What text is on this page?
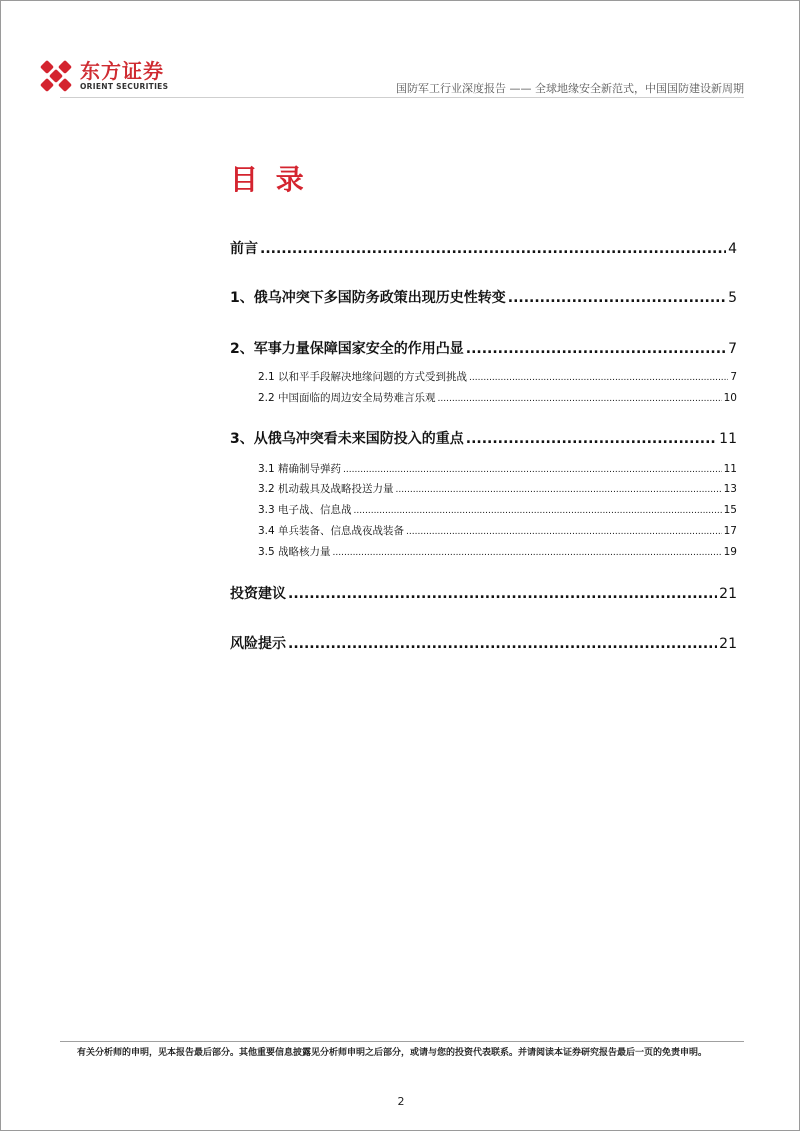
东方证券
ORIENT SECURITIES	国防军工行业深度报告 —— 全球地缘安全新范式，中国国防建设新周期
目 录
前言 .....	4
1、俄乌冲突下多国防务政策出现历史性转变 .....	5
2、军事力量保障国家安全的作用凸显 .....	7
2.1 以和平手段解决地缘问题的方式受到挑战 .....	7
2.2 中国面临的周边安全局势难言乐观 .....	10
3、从俄乌冲突看未来国防投入的重点 .....	11
3.1 精确制导弹药 .....	11
3.2 机动载具及战略投送力量 .....	13
3.3 电子战、信息战 .....	15
3.4 单兵装备、信息战夜战装备 .....	17
3.5 战略核力量 .....	19
投资建议 .....	21
风险提示 .....	21
有关分析师的申明，见本报告最后部分。其他重要信息披露见分析师申明之后部分，或请与您的投资代表联系。并请阅读本证券研究报告最后一页的免责申明。
2
